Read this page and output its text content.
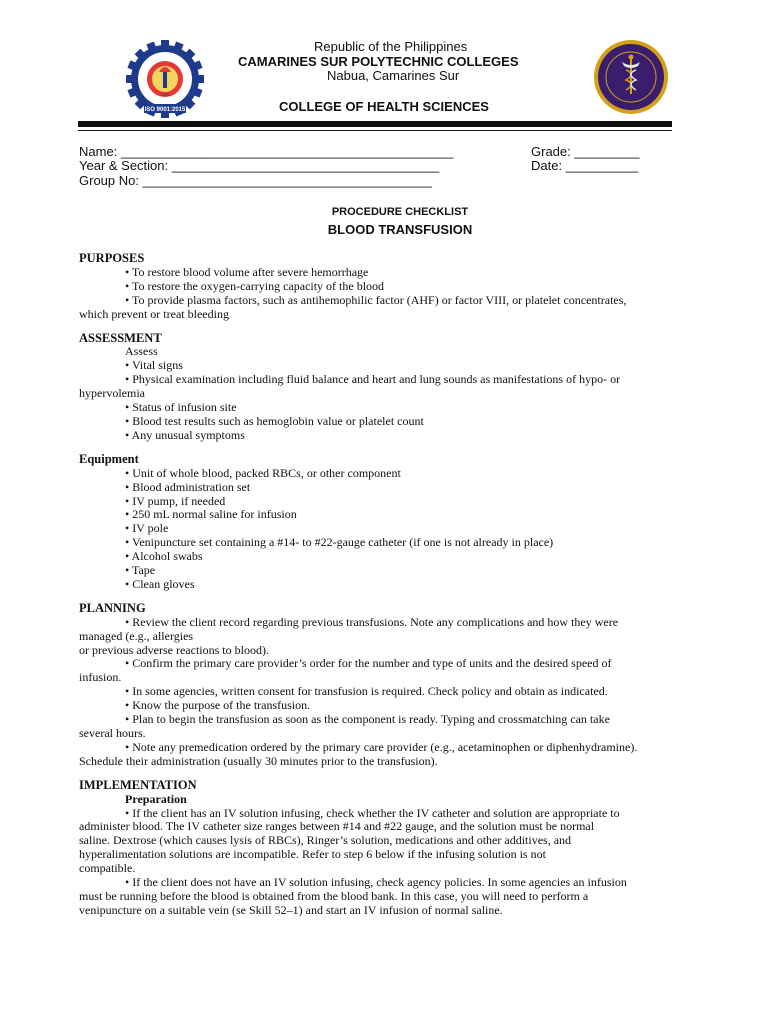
1983
ISO 9001:2015
Republic of the Philippines
CAMARINES SUR POLYTECHNIC COLLEGES
Nabua, Camarines Sur
COLLEGE OF HEALTH SCIENCES
Name: ______________________________________________	Grade: _________
Year & Section: _____________________________________	Date: __________
Group No: ________________________________________
PROCEDURE CHECKLIST
BLOOD TRANSFUSION
PURPOSES
• To restore blood volume after severe hemorrhage
• To restore the oxygen-carrying capacity of the blood
• To provide plasma factors, such as antihemophilic factor (AHF) or factor VIII, or platelet concentrates,
which prevent or treat bleeding
ASSESSMENT
Assess
• Vital signs
• Physical examination including fluid balance and heart and lung sounds as manifestations of hypo- or
hypervolemia
• Status of infusion site
• Blood test results such as hemoglobin value or platelet count
• Any unusual symptoms
Equipment
• Unit of whole blood, packed RBCs, or other component
• Blood administration set
• IV pump, if needed
• 250 mL normal saline for infusion
• IV pole
• Venipuncture set containing a #14- to #22-gauge catheter (if one is not already in place)
• Alcohol swabs
• Tape
• Clean gloves
PLANNING
• Review the client record regarding previous transfusions. Note any complications and how they were
managed (e.g., allergies
or previous adverse reactions to blood).
• Confirm the primary care provider’s order for the number and type of units and the desired speed of
infusion.
• In some agencies, written consent for transfusion is required. Check policy and obtain as indicated.
• Know the purpose of the transfusion.
• Plan to begin the transfusion as soon as the component is ready. Typing and crossmatching can take
several hours.
• Note any premedication ordered by the primary care provider (e.g., acetaminophen or diphenhydramine).
Schedule their administration (usually 30 minutes prior to the transfusion).
IMPLEMENTATION
Preparation
• If the client has an IV solution infusing, check whether the IV catheter and solution are appropriate to
administer blood. The IV catheter size ranges between #14 and #22 gauge, and the solution must be normal
saline. Dextrose (which causes lysis of RBCs), Ringer’s solution, medications and other additives, and
hyperalimentation solutions are incompatible. Refer to step 6 below if the infusing solution is not
compatible.
• If the client does not have an IV solution infusing, check agency policies. In some agencies an infusion
must be running before the blood is obtained from the blood bank. In this case, you will need to perform a
venipuncture on a suitable vein (se Skill 52–1) and start an IV infusion of normal saline.
